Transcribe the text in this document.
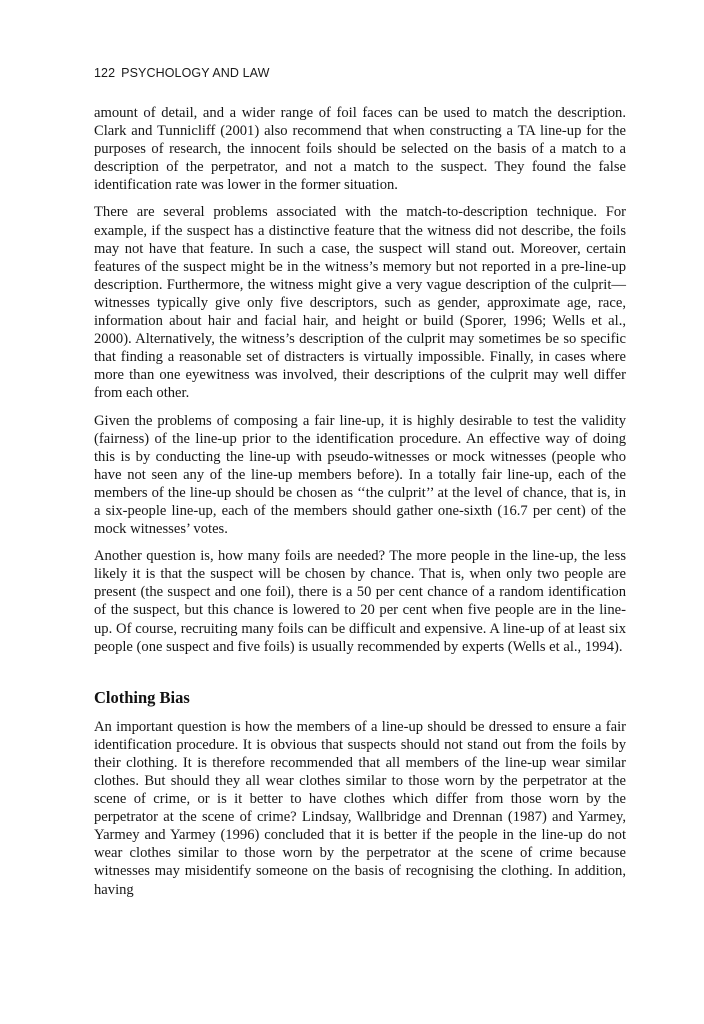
122 PSYCHOLOGY AND LAW

amount of detail, and a wider range of foil faces can be used to match the description. Clark and Tunnicliff (2001) also recommend that when constructing a TA line-up for the purposes of research, the innocent foils should be selected on the basis of a match to a description of the perpetrator, and not a match to the suspect. They found the false identification rate was lower in the former situation.

There are several problems associated with the match-to-description technique. For example, if the suspect has a distinctive feature that the witness did not describe, the foils may not have that feature. In such a case, the suspect will stand out. Moreover, certain features of the suspect might be in the witness’s memory but not reported in a pre-line-up description. Furthermore, the witness might give a very vague description of the culprit—witnesses typically give only five descriptors, such as gender, approximate age, race, information about hair and facial hair, and height or build (Sporer, 1996; Wells et al., 2000). Alternatively, the witness’s description of the culprit may sometimes be so specific that finding a reasonable set of distracters is virtually impossible. Finally, in cases where more than one eyewitness was involved, their descriptions of the culprit may well differ from each other.

Given the problems of composing a fair line-up, it is highly desirable to test the validity (fairness) of the line-up prior to the identification procedure. An effective way of doing this is by conducting the line-up with pseudo-witnesses or mock witnesses (people who have not seen any of the line-up members before). In a totally fair line-up, each of the members of the line-up should be chosen as ‘‘the culprit’’ at the level of chance, that is, in a six-people line-up, each of the members should gather one-sixth (16.7 per cent) of the mock witnesses’ votes.

Another question is, how many foils are needed? The more people in the line-up, the less likely it is that the suspect will be chosen by chance. That is, when only two people are present (the suspect and one foil), there is a 50 per cent chance of a random identification of the suspect, but this chance is lowered to 20 per cent when five people are in the line-up. Of course, recruiting many foils can be difficult and expensive. A line-up of at least six people (one suspect and five foils) is usually recommended by experts (Wells et al., 1994).

Clothing Bias

An important question is how the members of a line-up should be dressed to ensure a fair identification procedure. It is obvious that suspects should not stand out from the foils by their clothing. It is therefore recommended that all members of the line-up wear similar clothes. But should they all wear clothes similar to those worn by the perpetrator at the scene of crime, or is it better to have clothes which differ from those worn by the perpetrator at the scene of crime? Lindsay, Wallbridge and Drennan (1987) and Yarmey, Yarmey and Yarmey (1996) concluded that it is better if the people in the line-up do not wear clothes similar to those worn by the perpetrator at the scene of crime because witnesses may misidentify someone on the basis of recognising the clothing. In addition, having
